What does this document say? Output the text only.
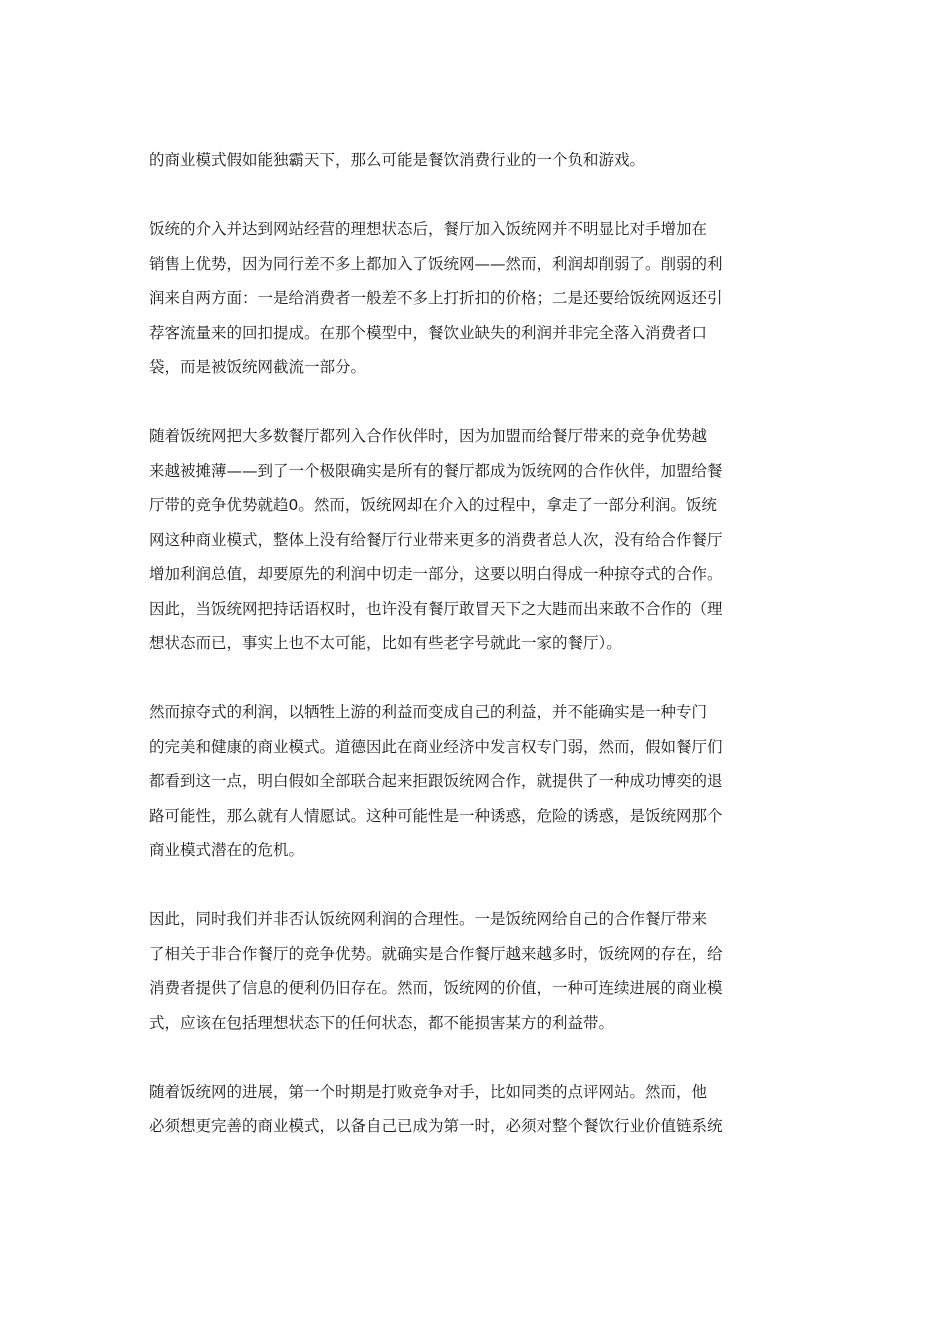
的商业模式假如能独霸天下，那么可能是餐饮消费行业的一个负和游戏。
饭统的介入并达到网站经营的理想状态后，餐厅加入饭统网并不明显比对手增加在
销售上优势，因为同行差不多上都加入了饭统网——然而，利润却削弱了。削弱的利
润来自两方面：一是给消费者一般差不多上打折扣的价格；二是还要给饭统网返还引
荐客流量来的回扣提成。在那个模型中，餐饮业缺失的利润并非完全落入消费者口
袋，而是被饭统网截流一部分。
随着饭统网把大多数餐厅都列入合作伙伴时，因为加盟而给餐厅带来的竞争优势越
来越被摊薄——到了一个极限确实是所有的餐厅都成为饭统网的合作伙伴，加盟给餐
厅带的竞争优势就趋0。然而，饭统网却在介入的过程中，拿走了一部分利润。饭统
网这种商业模式，整体上没有给餐厅行业带来更多的消费者总人次，没有给合作餐厅
增加利润总值，却要原先的利润中切走一部分，这要以明白得成一种掠夺式的合作。
因此，当饭统网把持话语权时，也许没有餐厅敢冒天下之大韪而出来敢不合作的（理
想状态而已，事实上也不太可能，比如有些老字号就此一家的餐厅）。
然而掠夺式的利润，以牺牲上游的利益而变成自己的利益，并不能确实是一种专门
的完美和健康的商业模式。道德因此在商业经济中发言权专门弱，然而，假如餐厅们
都看到这一点，明白假如全部联合起来拒跟饭统网合作，就提供了一种成功博奕的退
路可能性，那么就有人情愿试。这种可能性是一种诱惑，危险的诱惑，是饭统网那个
商业模式潜在的危机。
因此，同时我们并非否认饭统网利润的合理性。一是饭统网给自己的合作餐厅带来
了相关于非合作餐厅的竞争优势。就确实是合作餐厅越来越多时，饭统网的存在，给
消费者提供了信息的便利仍旧存在。然而，饭统网的价值，一种可连续进展的商业模
式，应该在包括理想状态下的任何状态，都不能损害某方的利益带。
随着饭统网的进展，第一个时期是打败竞争对手，比如同类的点评网站。然而，他
必须想更完善的商业模式，以备自己已成为第一时，必须对整个餐饮行业价值链系统
